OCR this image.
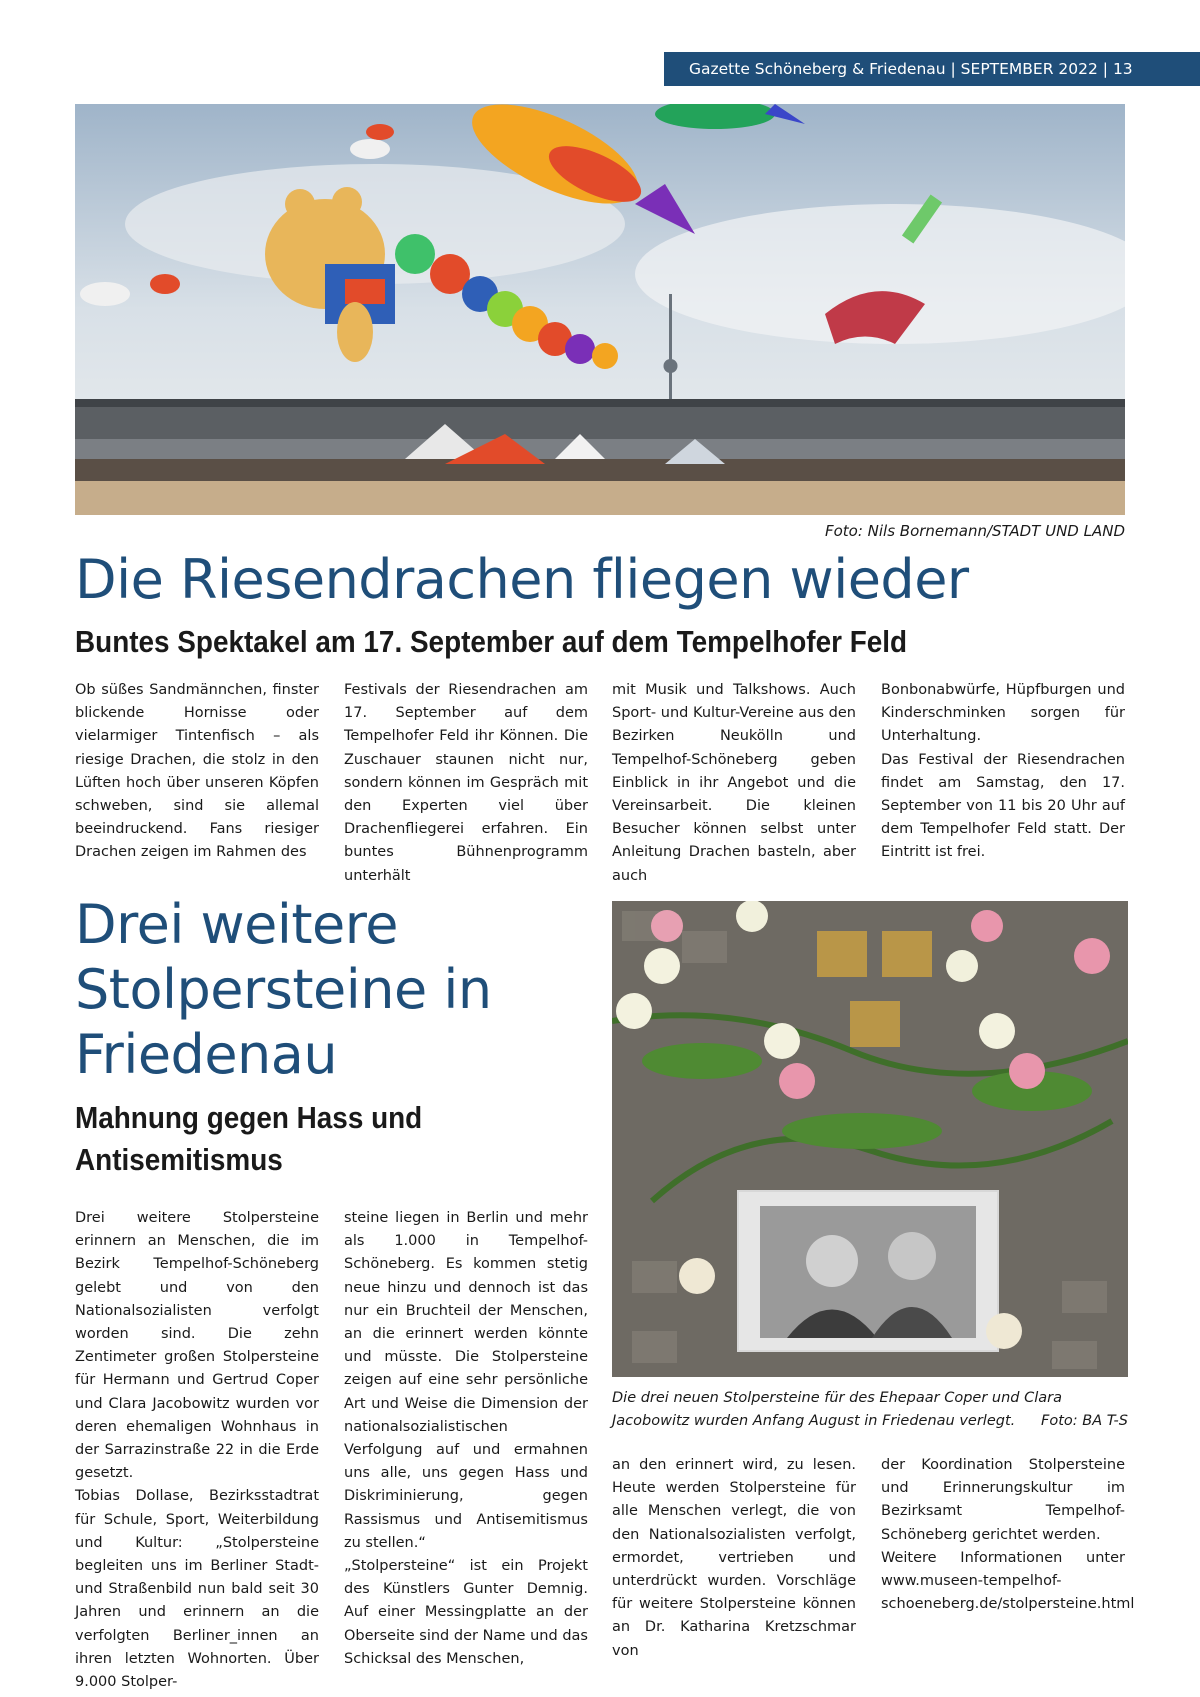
Gazette Schöneberg & Friedenau | SEPTEMBER 2022 | 13
Foto: Nils Bornemann/STADT UND LAND
Die Riesendrachen fliegen wieder
Buntes Spektakel am 17. September auf dem Tempelhofer Feld
Ob süßes Sandmännchen, finster blickende Hornisse oder vielarmiger Tintenfisch – als riesige Drachen, die stolz in den Lüften hoch über unseren Köpfen schweben, sind sie allemal beeindruckend. Fans riesiger Drachen zeigen im Rahmen des
Festivals der Riesendrachen am 17. September auf dem Tempelhofer Feld ihr Können. Die Zuschauer staunen nicht nur, sondern können im Gespräch mit den Experten viel über Drachenfliegerei erfahren. Ein buntes Bühnenprogramm unterhält
mit Musik und Talkshows. Auch Sport- und Kultur-Vereine aus den Bezirken Neukölln und Tempelhof-Schöneberg geben Einblick in ihr Angebot und die Vereinsarbeit. Die kleinen Besucher können selbst unter Anleitung Drachen basteln, aber auch
Bonbonabwürfe, Hüpfburgen und Kinderschminken sorgen für Unterhaltung.
Das Festival der Riesendrachen findet am Samstag, den 17. September von 11 bis 20 Uhr auf dem Tempelhofer Feld statt. Der Eintritt ist frei.
Drei weitere Stolpersteine in Friedenau
Mahnung gegen Hass und Antisemitismus
Die drei neuen Stolpersteine für des Ehepaar Coper und Clara Jacobowitz wurden Anfang August in Friedenau verlegt. Foto: BA T-S
Drei weitere Stolpersteine erinnern an Menschen, die im Bezirk Tempelhof-Schöneberg gelebt und von den Nationalsozialisten verfolgt worden sind. Die zehn Zentimeter großen Stolpersteine für Hermann und Gertrud Coper und Clara Jacobowitz wurden vor deren ehemaligen Wohnhaus in der Sarrazinstraße 22 in die Erde gesetzt.
Tobias Dollase, Bezirksstadtrat für Schule, Sport, Weiterbildung und Kultur: „Stolpersteine begleiten uns im Berliner Stadt- und Straßenbild nun bald seit 30 Jahren und erinnern an die verfolgten Berliner_innen an ihren letzten Wohnorten. Über 9.000 Stolper-
steine liegen in Berlin und mehr als 1.000 in Tempelhof-Schöneberg. Es kommen stetig neue hinzu und dennoch ist das nur ein Bruchteil der Menschen, an die erinnert werden könnte und müsste. Die Stolpersteine zeigen auf eine sehr persönliche Art und Weise die Dimension der nationalsozialistischen Verfolgung auf und ermahnen uns alle, uns gegen Hass und Diskriminierung, gegen Rassismus und Antisemitismus zu stellen.“
„Stolpersteine“ ist ein Projekt des Künstlers Gunter Demnig. Auf einer Messingplatte an der Oberseite sind der Name und das Schicksal des Menschen,
an den erinnert wird, zu lesen. Heute werden Stolpersteine für alle Menschen verlegt, die von den Nationalsozialisten verfolgt, ermordet, vertrieben und unterdrückt wurden. Vorschläge für weitere Stolpersteine können an Dr. Katharina Kretzschmar von
der Koordination Stolpersteine und Erinnerungskultur im Bezirksamt Tempelhof-Schöneberg gerichtet werden.
Weitere Informationen unter www.museen-tempelhof-schoeneberg.de/stolpersteine.html
